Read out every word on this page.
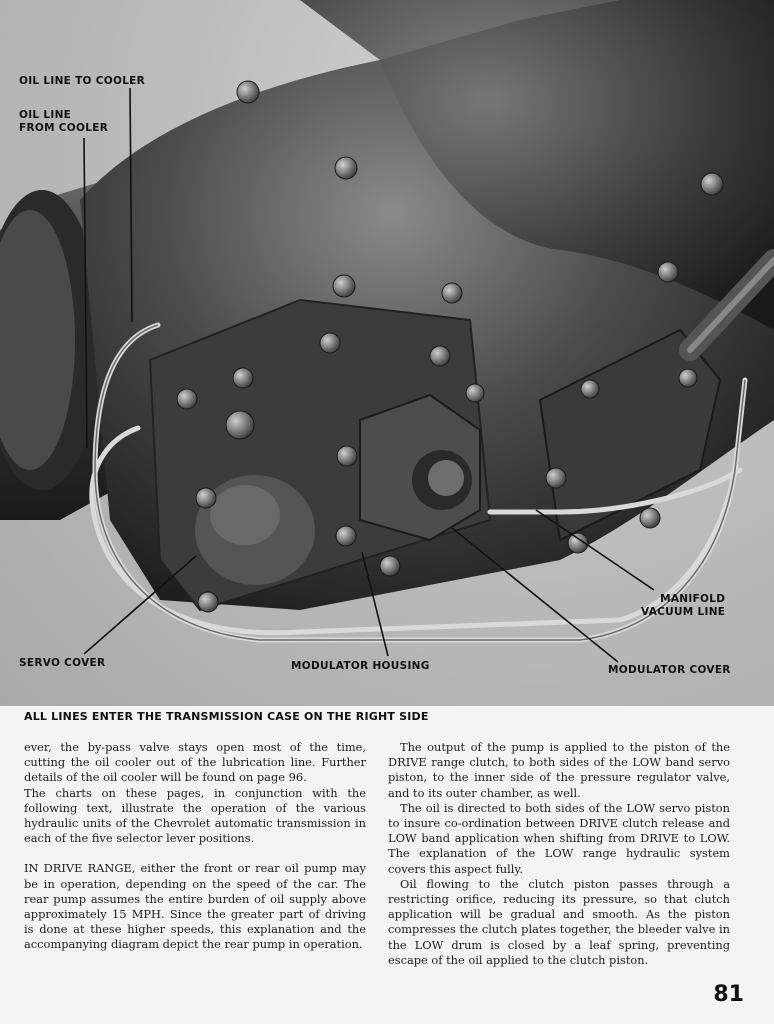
OIL LINE TO COOLER
OIL LINE
FROM COOLER
SERVO COVER	MODULATOR HOUSING
MANIFOLD
VACUUM LINE
MODULATOR COVER
ALL LINES ENTER THE TRANSMISSION CASE ON THE RIGHT SIDE

ever, the by-pass valve stays open most of the time, cutting the oil cooler out of the lubrication line. Further details of the oil cooler will be found on page 96.

The charts on these pages, in conjunction with the following text, illustrate the operation of the various hydraulic units of the Chevrolet automatic transmission in each of the five selector lever positions.

IN DRIVE RANGE, either the front or rear oil pump may be in operation, depending on the speed of the car. The rear pump assumes the entire burden of oil supply above approximately 15 MPH. Since the greater part of driving is done at these higher speeds, this explanation and the accompanying diagram depict the rear pump in operation.

The output of the pump is applied to the piston of the DRIVE range clutch, to both sides of the LOW band servo piston, to the inner side of the pressure regulator valve, and to its outer chamber, as well.

The oil is directed to both sides of the LOW servo piston to insure co-ordination between DRIVE clutch release and LOW band application when shifting from DRIVE to LOW. The explanation of the LOW range hydraulic system covers this aspect fully.

Oil flowing to the clutch piston passes through a restricting orifice, reducing its pressure, so that clutch application will be gradual and smooth. As the piston compresses the clutch plates together, the bleeder valve in the LOW drum is closed by a leaf spring, preventing escape of the oil applied to the clutch piston.

81
